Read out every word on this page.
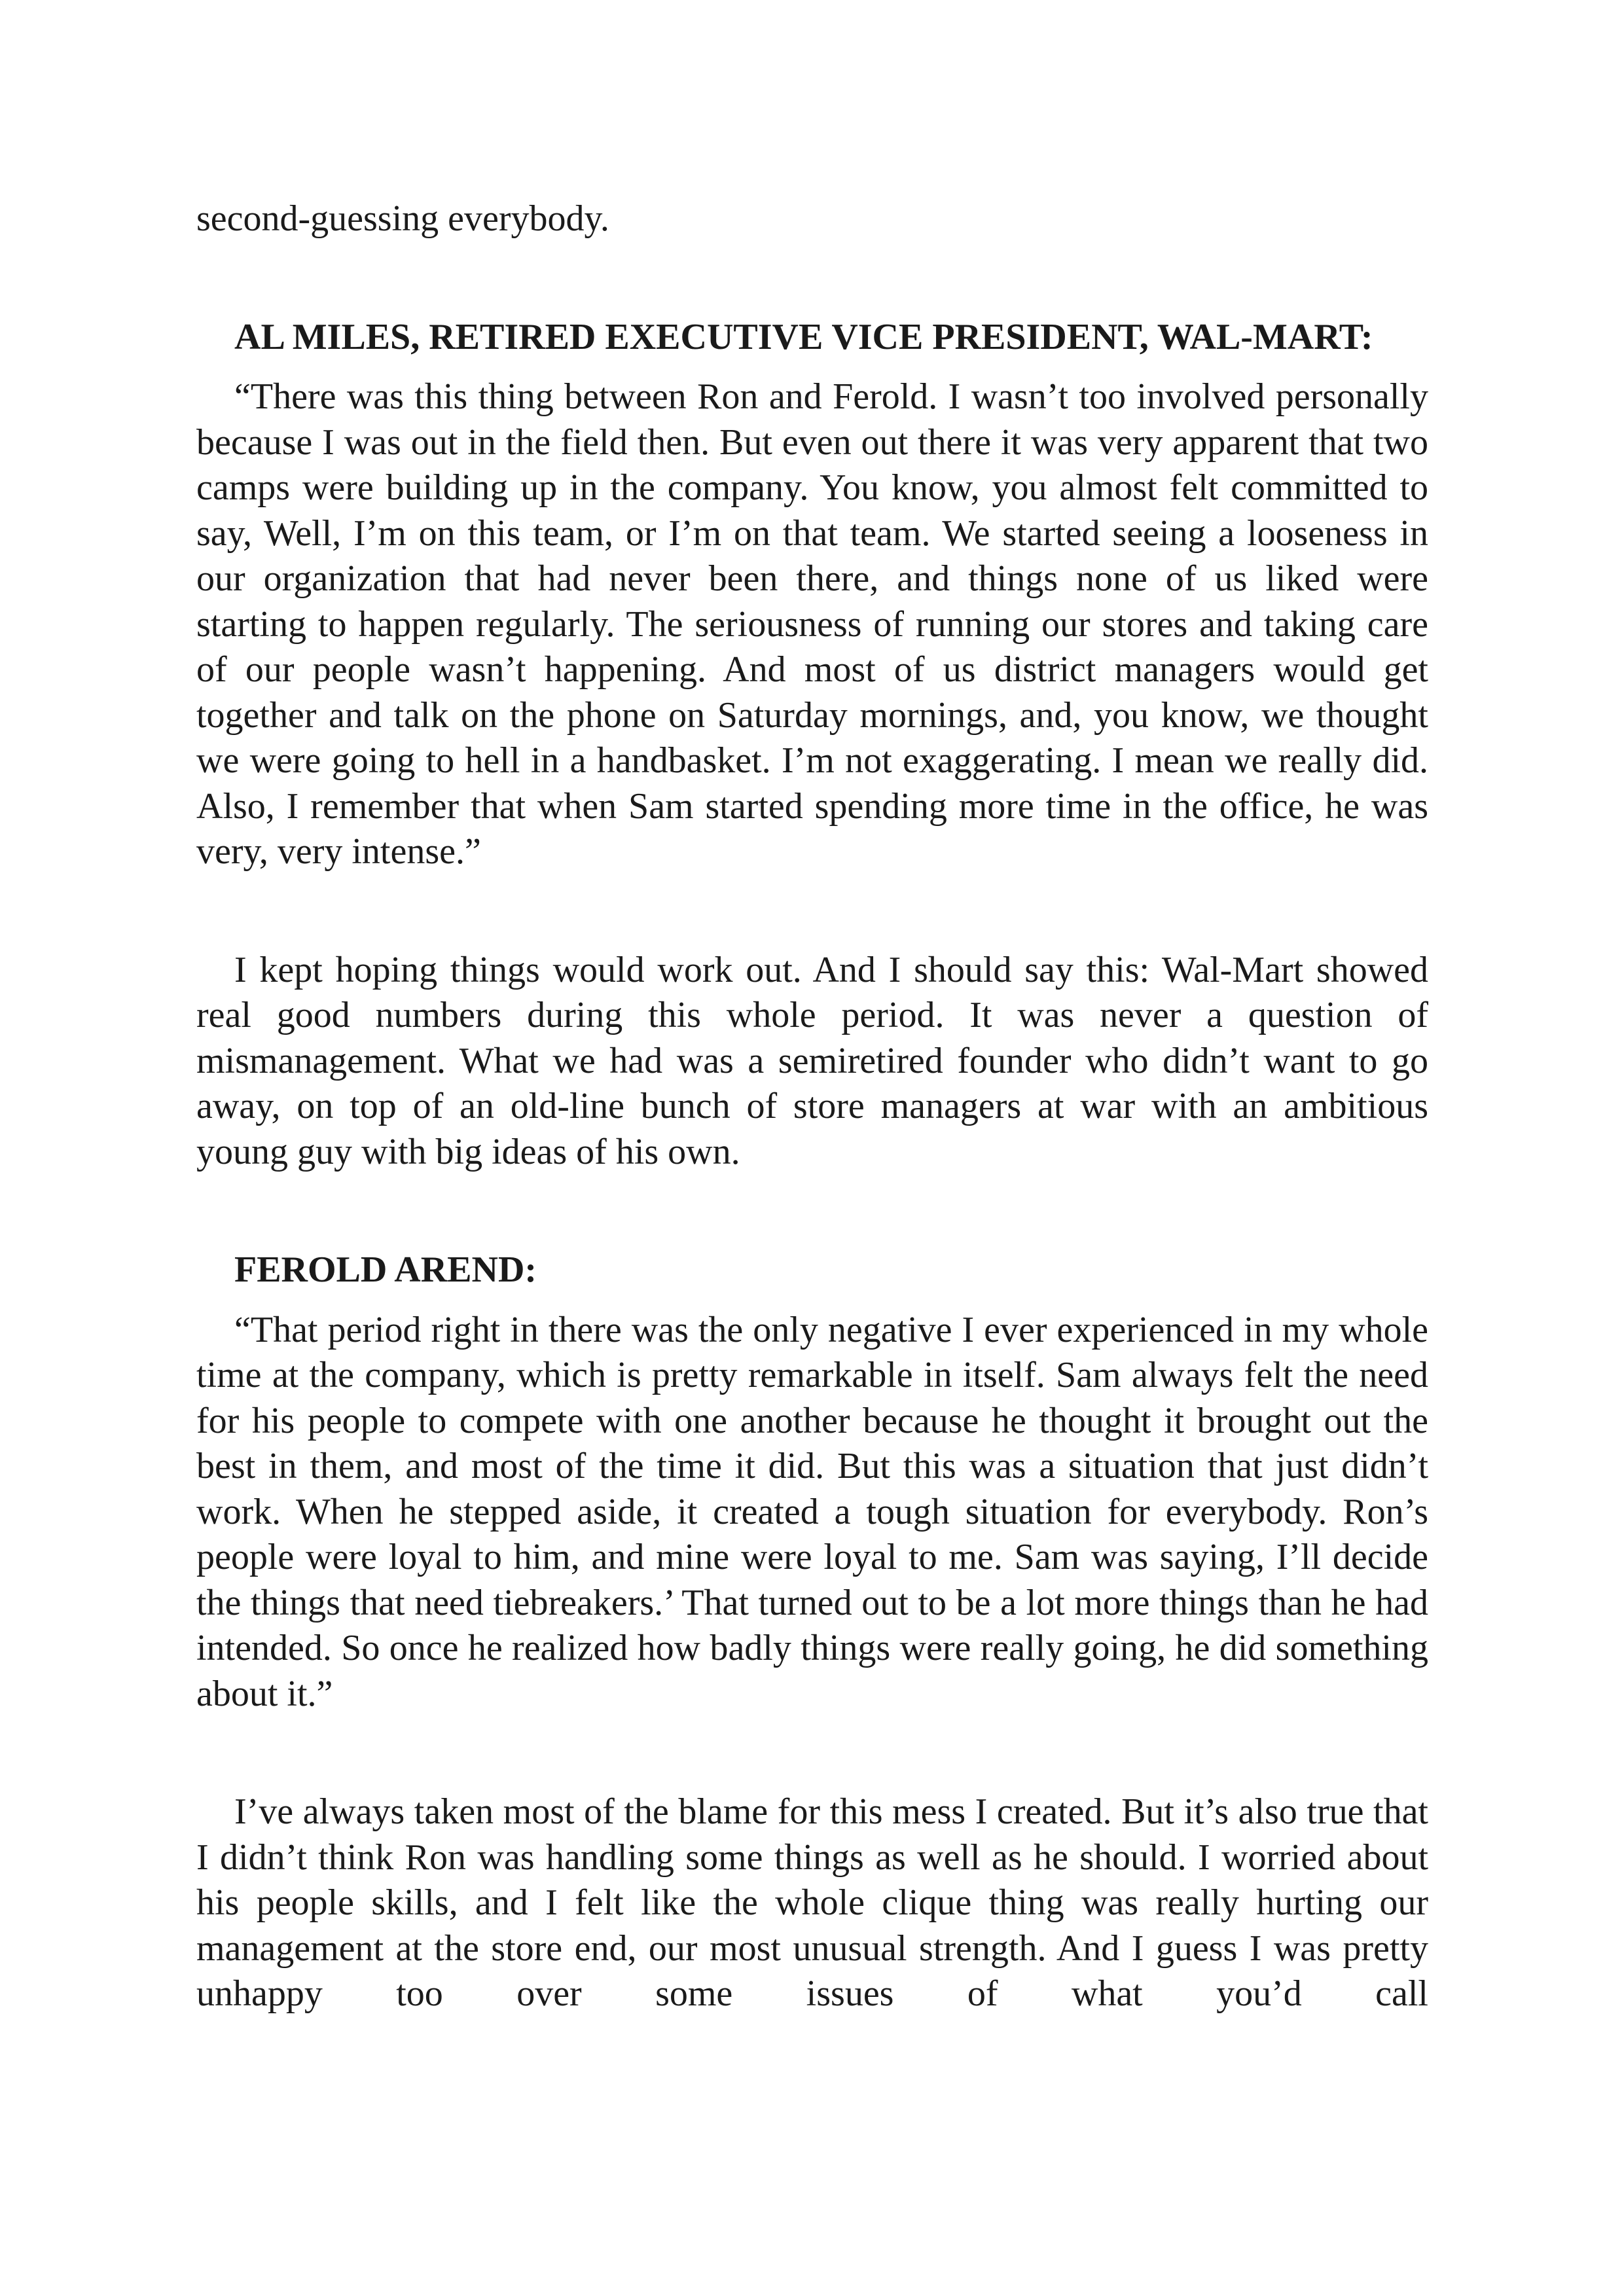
second-guessing everybody.

AL MILES, RETIRED EXECUTIVE VICE PRESIDENT, WAL-MART:

“There was this thing between Ron and Ferold. I wasn’t too involved personally because I was out in the field then. But even out there it was very apparent that two camps were building up in the company. You know, you almost felt committed to say, Well, I’m on this team, or I’m on that team. We started seeing a looseness in our organization that had never been there, and things none of us liked were starting to happen regularly. The seriousness of running our stores and taking care of our people wasn’t happening. And most of us district managers would get together and talk on the phone on Saturday mornings, and, you know, we thought we were going to hell in a handbasket. I’m not exaggerating. I mean we really did. Also, I remember that when Sam started spending more time in the office, he was very, very intense.”

I kept hoping things would work out. And I should say this: Wal-Mart showed real good numbers during this whole period. It was never a question of mismanagement. What we had was a semiretired founder who didn’t want to go away, on top of an old-line bunch of store managers at war with an ambitious young guy with big ideas of his own.

FEROLD AREND:

“That period right in there was the only negative I ever experienced in my whole time at the company, which is pretty remarkable in itself. Sam always felt the need for his people to compete with one another because he thought it brought out the best in them, and most of the time it did. But this was a situation that just didn’t work. When he stepped aside, it created a tough situation for everybody. Ron’s people were loyal to him, and mine were loyal to me. Sam was saying, I’ll decide the things that need tiebreakers.’ That turned out to be a lot more things than he had intended. So once he realized how badly things were really going, he did something about it.”

I’ve always taken most of the blame for this mess I created. But it’s also true that I didn’t think Ron was handling some things as well as he should. I worried about his people skills, and I felt like the whole clique thing was really hurting our management at the store end, our most unusual strength. And I guess I was pretty unhappy too over some issues of what you’d call
